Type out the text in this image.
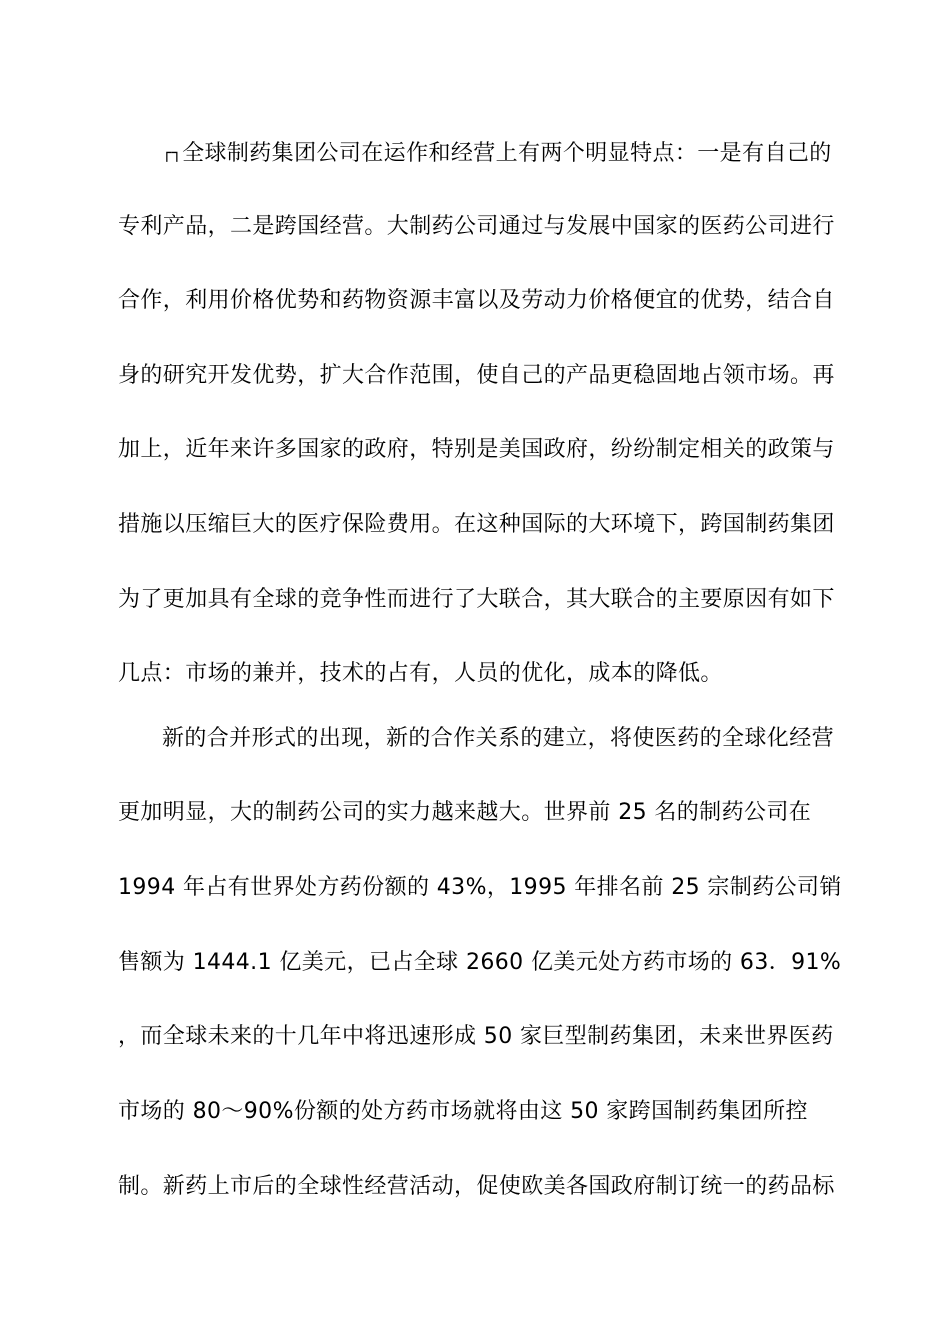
┌┐全球制药集团公司在运作和经营上有两个明显特点：一是有自己的
专利产品，二是跨国经营。大制药公司通过与发展中国家的医药公司进行
合作，利用价格优势和药物资源丰富以及劳动力价格便宜的优势，结合自
身的研究开发优势，扩大合作范围，使自己的产品更稳固地占领市场。再
加上，近年来许多国家的政府，特别是美国政府，纷纷制定相关的政策与
措施以压缩巨大的医疗保险费用。在这种国际的大环境下，跨国制药集团
为了更加具有全球的竞争性而进行了大联合，其大联合的主要原因有如下
几点：市场的兼并，技术的占有，人员的优化，成本的降低。
新的合并形式的出现，新的合作关系的建立，将使医药的全球化经营
更加明显，大的制药公司的实力越来越大。世界前 25 名的制药公司在
1994 年占有世界处方药份额的 43%，1995 年排名前 25 宗制药公司销
售额为 1444.1 亿美元，已占全球 2660 亿美元处方药市场的 63．91%
，而全球未来的十几年中将迅速形成 50 家巨型制药集团，未来世界医药
市场的 80～90%份额的处方药市场就将由这 50 家跨国制药集团所控
制。新药上市后的全球性经营活动，促使欧美各国政府制订统一的药品标
